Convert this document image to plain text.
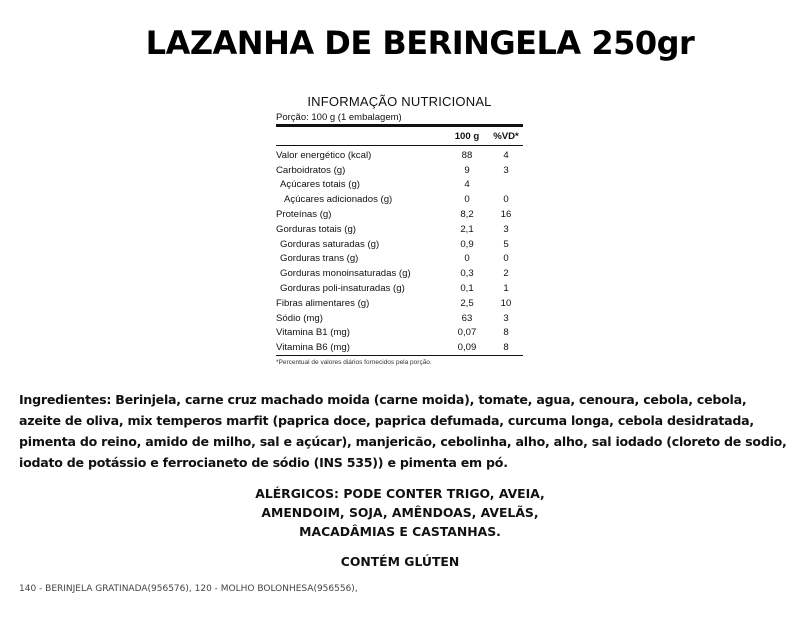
LAZANHA DE BERINGELA 250gr
INFORMAÇÃO NUTRICIONAL
Porção: 100 g (1 embalagem)
	100 g	%VD*

Valor energético (kcal)	88	4
Carboidratos (g)	9	3
Açúcares totais (g)	4	
Açúcares adicionados (g)	0	0
Proteínas (g)	8,2	16
Gorduras totais (g)	2,1	3
Gorduras saturadas (g)	0,9	5
Gorduras trans (g)	0	0
Gorduras monoinsaturadas (g)	0,3	2
Gorduras poli-insaturadas (g)	0,1	1
Fibras alimentares (g)	2,5	10
Sódio (mg)	63	3
Vitamina B1 (mg)	0,07	8
Vitamina B6 (mg)	0,09	8
*Percentual de valores diários fornecidos pela porção.
Ingredientes: Berinjela, carne cruz machado moida (carne moida), tomate, agua, cenoura, cebola, cebola, azeite de oliva, mix temperos marfit (paprica doce, paprica defumada, curcuma longa, cebola desidratada, pimenta do reino, amido de milho, sal e açúcar), manjericão, cebolinha, alho, alho, sal iodado (cloreto de sodio, iodato de potássio e ferrocianeto de sódio (INS 535)) e pimenta em pó.
ALÉRGICOS: PODE CONTER TRIGO, AVEIA,
AMENDOIM, SOJA, AMÊNDOAS, AVELÃS,
MACADÂMIAS E CASTANHAS.
CONTÉM GLÚTEN
140 - BERINJELA GRATINADA(956576), 120 - MOLHO BOLONHESA(956556),
